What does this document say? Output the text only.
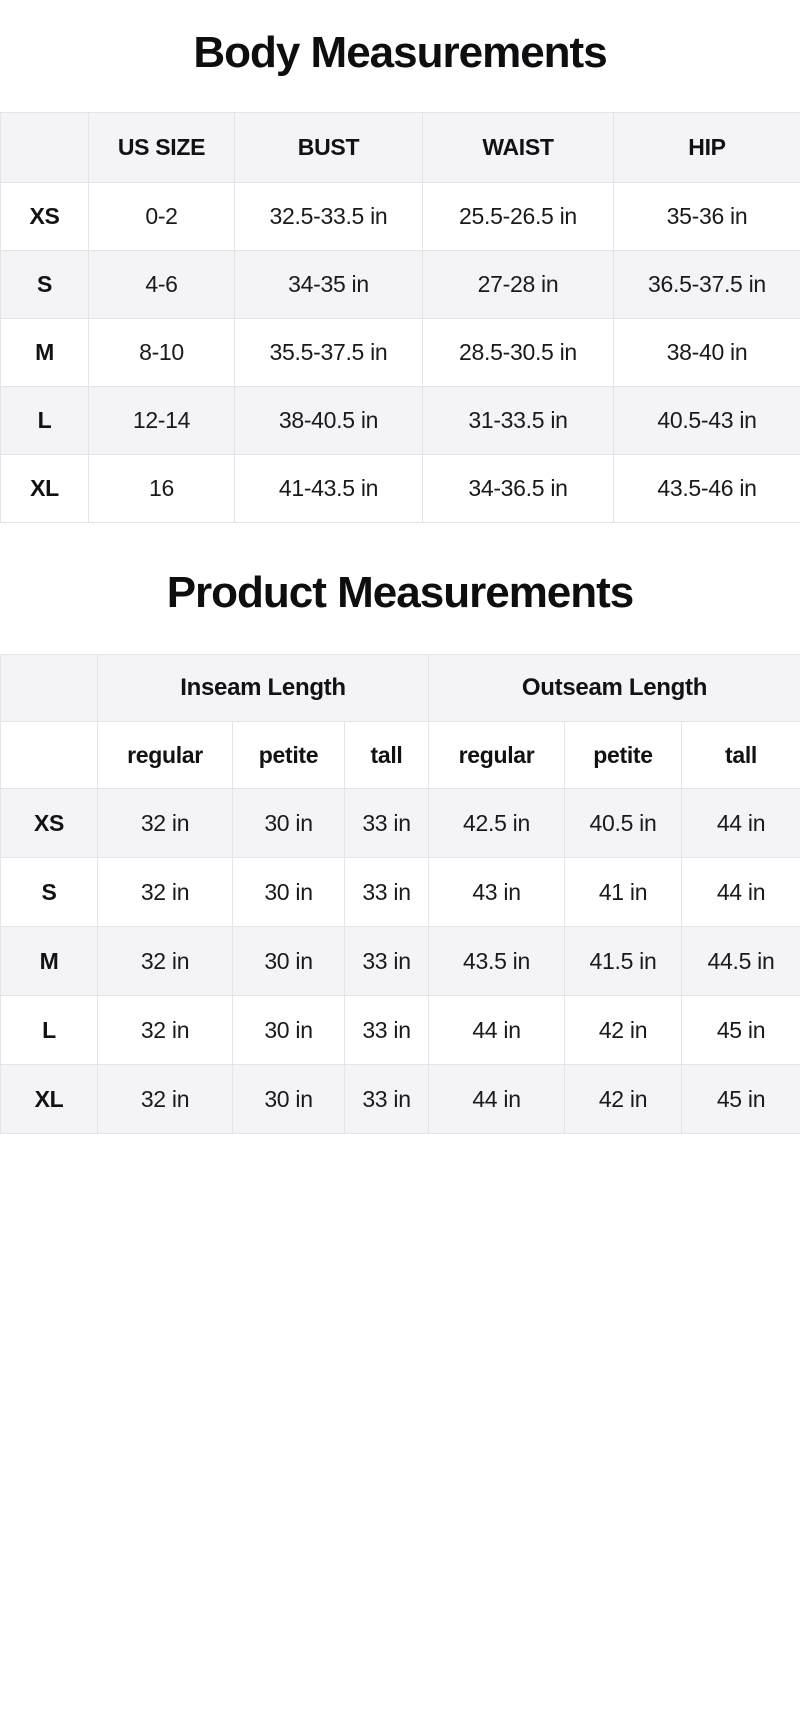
Body Measurements
	US SIZE	BUST	WAIST	HIP
XS	0-2	32.5-33.5 in	25.5-26.5 in	35-36 in
S	4-6	34-35 in	27-28 in	36.5-37.5 in
M	8-10	35.5-37.5 in	28.5-30.5 in	38-40 in
L	12-14	38-40.5 in	31-33.5 in	40.5-43 in
XL	16	41-43.5 in	34-36.5 in	43.5-46 in
Product Measurements
	Inseam Length			Outseam Length		
	regular	petite	tall	regular	petite	tall
XS	32 in	30 in	33 in	42.5 in	40.5 in	44 in
S	32 in	30 in	33 in	43 in	41 in	44 in
M	32 in	30 in	33 in	43.5 in	41.5 in	44.5 in
L	32 in	30 in	33 in	44 in	42 in	45 in
XL	32 in	30 in	33 in	44 in	42 in	45 in
